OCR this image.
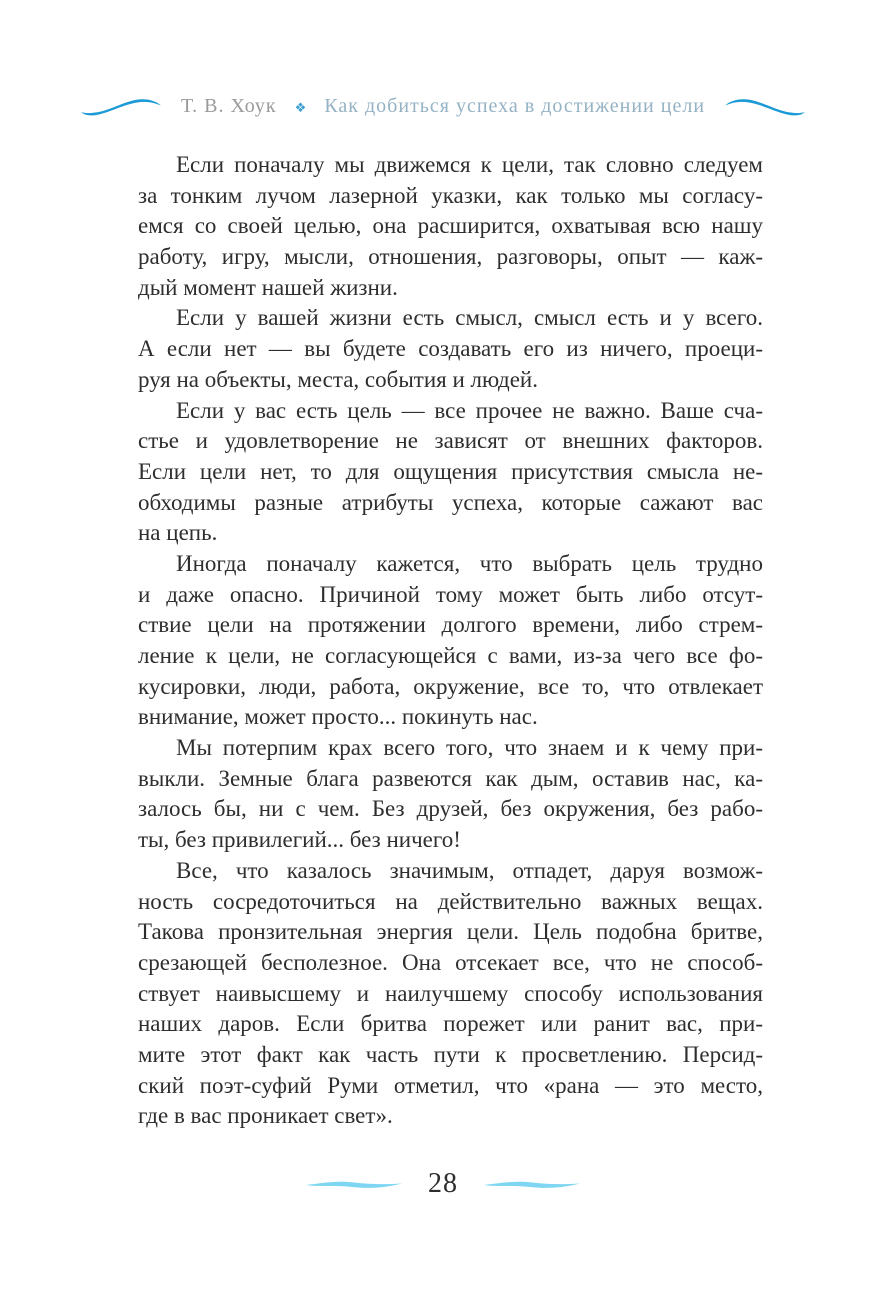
Т. В. Хоук ❖ Как добиться успеха в достижении цели
Если поначалу мы движемся к цели, так словно следуем
за тонким лучом лазерной указки, как только мы согласу-
емся со своей целью, она расширится, охватывая всю нашу
работу, игру, мысли, отношения, разговоры, опыт — каж-
дый момент нашей жизни.
Если у вашей жизни есть смысл, смысл есть и у всего.
А если нет — вы будете создавать его из ничего, проеци-
руя на объекты, места, события и людей.
Если у вас есть цель — все прочее не важно. Ваше сча-
стье и удовлетворение не зависят от внешних факторов.
Если цели нет, то для ощущения присутствия смысла не-
обходимы разные атрибуты успеха, которые сажают вас
на цепь.
Иногда поначалу кажется, что выбрать цель трудно
и даже опасно. Причиной тому может быть либо отсут-
ствие цели на протяжении долгого времени, либо стрем-
ление к цели, не согласующейся с вами, из-за чего все фо-
кусировки, люди, работа, окружение, все то, что отвлекает
внимание, может просто... покинуть нас.
Мы потерпим крах всего того, что знаем и к чему при-
выкли. Земные блага развеются как дым, оставив нас, ка-
залось бы, ни с чем. Без друзей, без окружения, без рабо-
ты, без привилегий... без ничего!
Все, что казалось значимым, отпадет, даруя возмож-
ность сосредоточиться на действительно важных вещах.
Такова пронзительная энергия цели. Цель подобна бритве,
срезающей бесполезное. Она отсекает все, что не способ-
ствует наивысшему и наилучшему способу использования
наших даров. Если бритва порежет или ранит вас, при-
мите этот факт как часть пути к просветлению. Персид-
ский поэт-суфий Руми отметил, что «рана — это место,
где в вас проникает свет».
28
